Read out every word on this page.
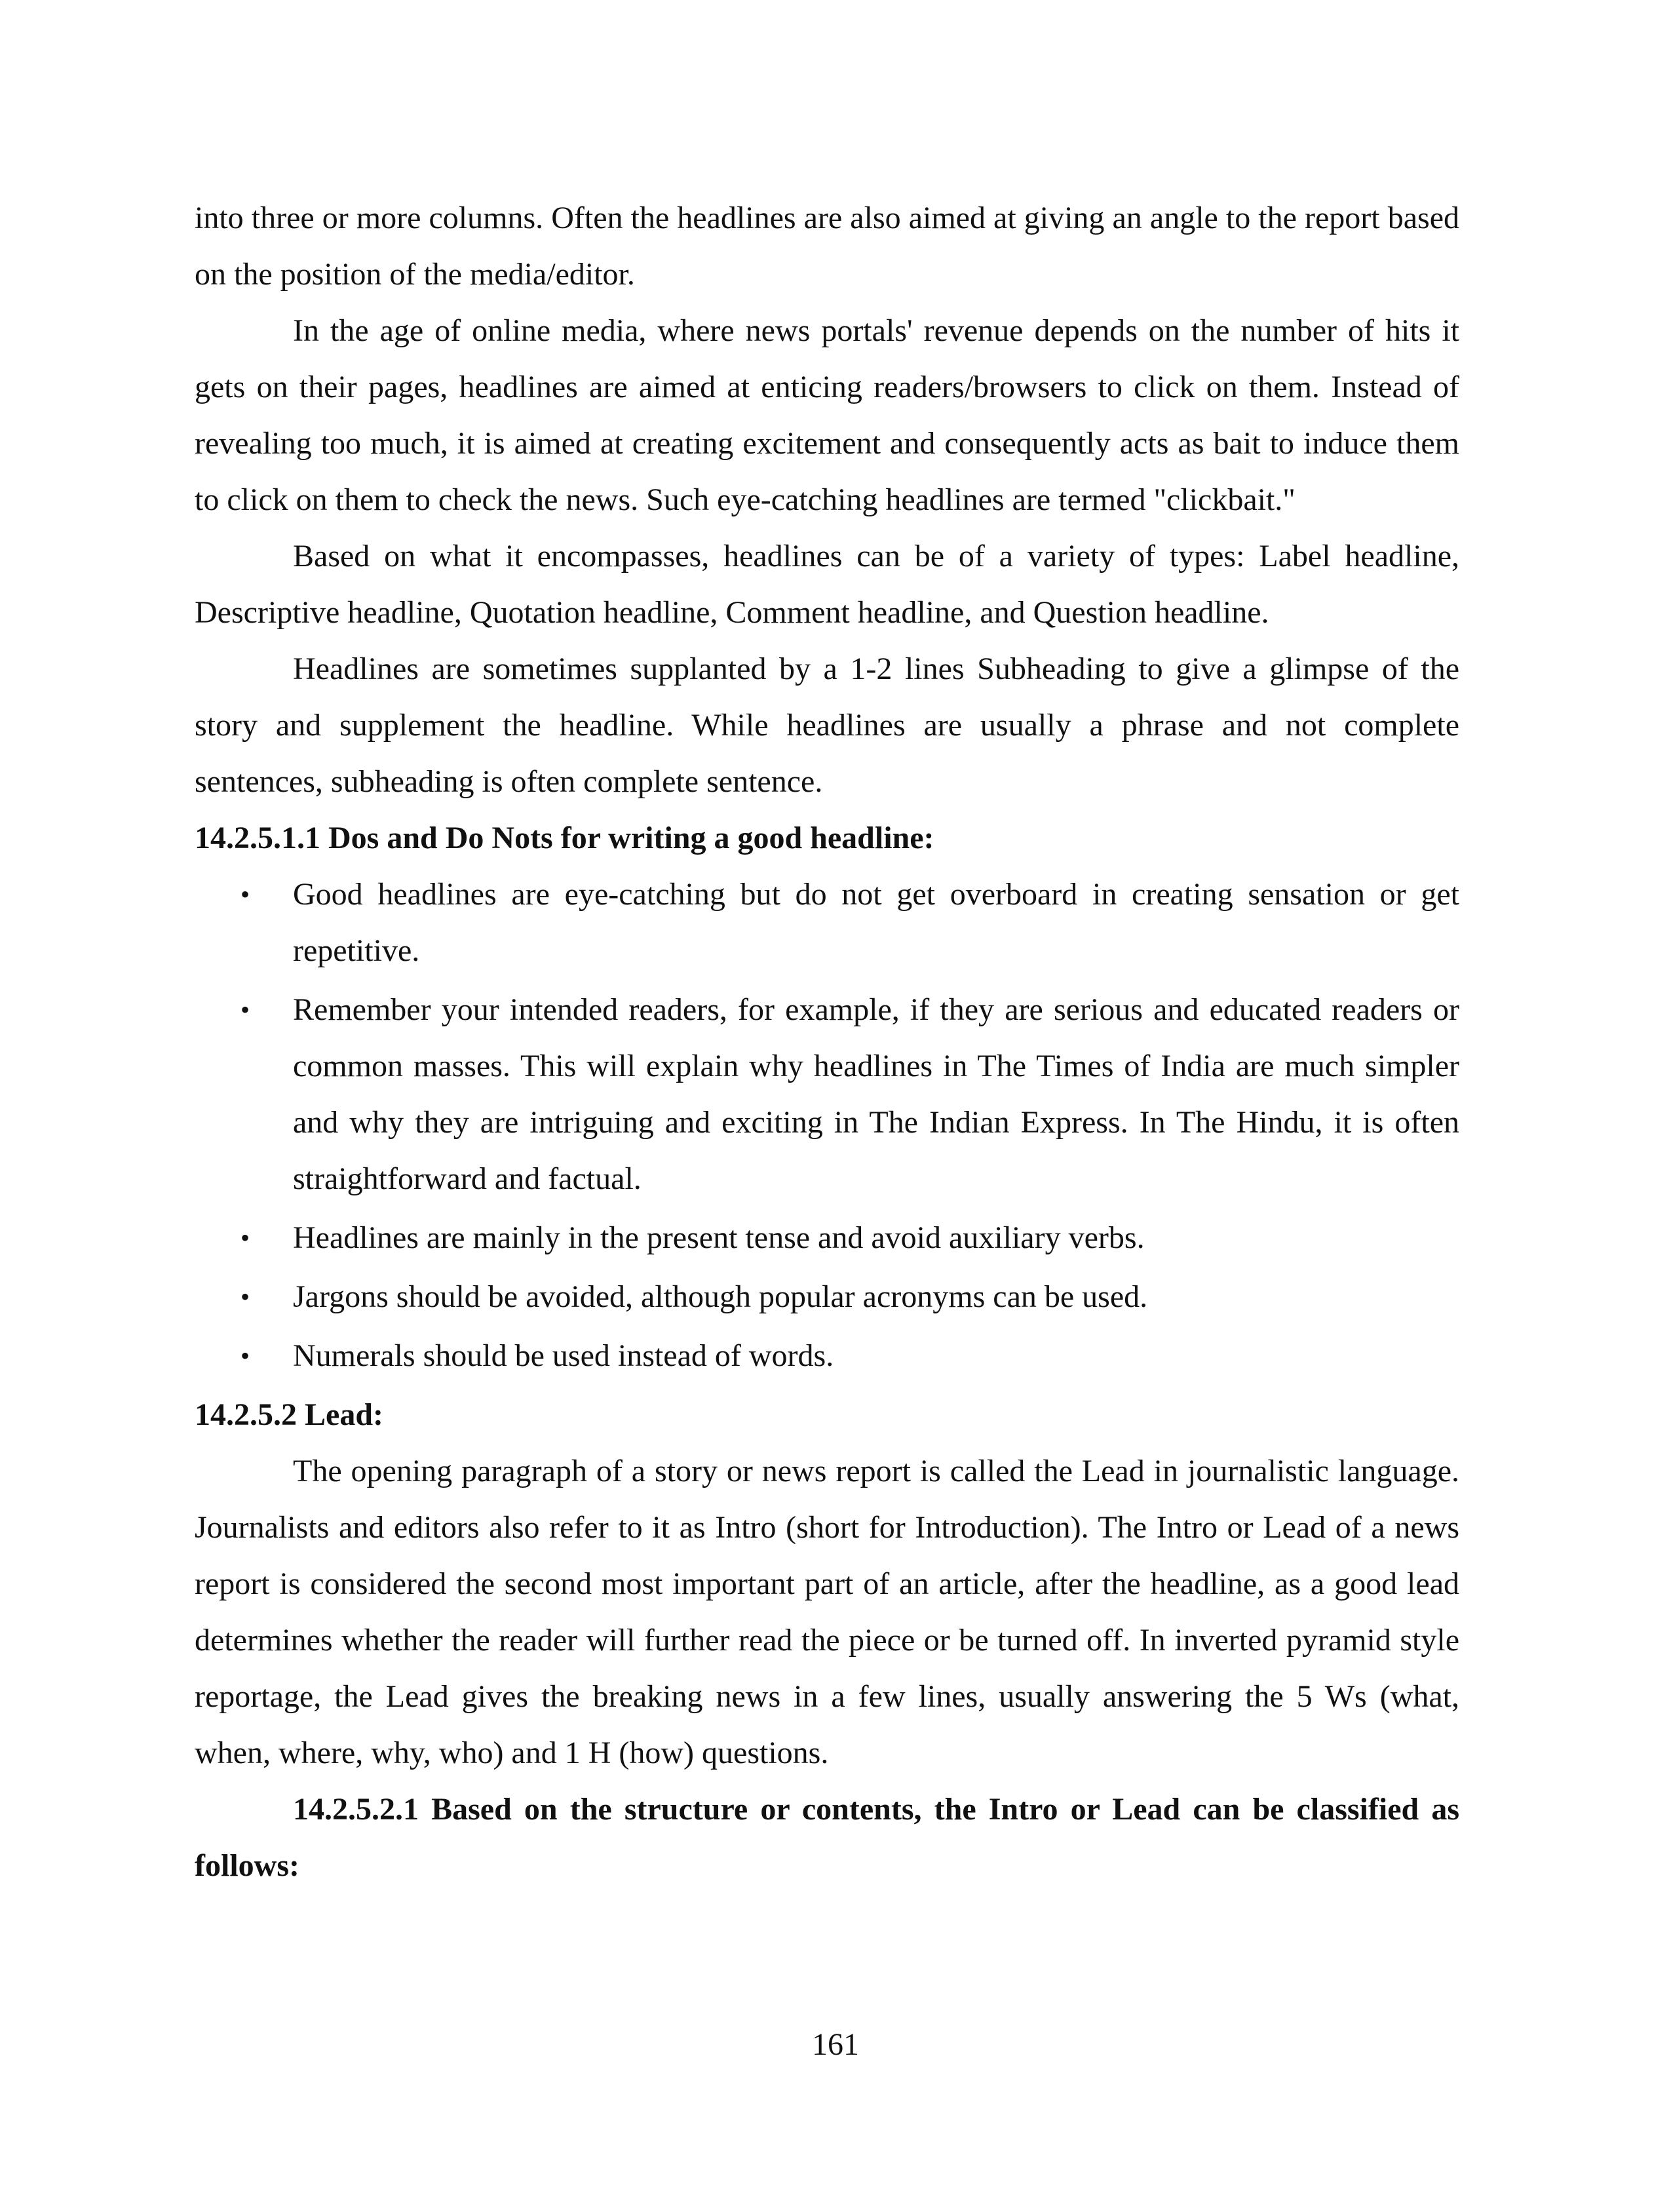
into three or more columns. Often the headlines are also aimed at giving an angle to the report based on the position of the media/editor.

In the age of online media, where news portals' revenue depends on the number of hits it gets on their pages, headlines are aimed at enticing readers/browsers to click on them. Instead of revealing too much, it is aimed at creating excitement and consequently acts as bait to induce them to click on them to check the news. Such eye-catching headlines are termed "clickbait."

Based on what it encompasses, headlines can be of a variety of types: Label headline, Descriptive headline, Quotation headline, Comment headline, and Question headline.

Headlines are sometimes supplanted by a 1-2 lines Subheading to give a glimpse of the story and supplement the headline. While headlines are usually a phrase and not complete sentences, subheading is often complete sentence.

14.2.5.1.1 Dos and Do Nots for writing a good headline:

• Good headlines are eye-catching but do not get overboard in creating sensation or get repetitive.
• Remember your intended readers, for example, if they are serious and educated readers or common masses. This will explain why headlines in The Times of India are much simpler and why they are intriguing and exciting in The Indian Express. In The Hindu, it is often straightforward and factual.
• Headlines are mainly in the present tense and avoid auxiliary verbs.
• Jargons should be avoided, although popular acronyms can be used.
• Numerals should be used instead of words.

14.2.5.2 Lead:

The opening paragraph of a story or news report is called the Lead in journalistic language. Journalists and editors also refer to it as Intro (short for Introduction). The Intro or Lead of a news report is considered the second most important part of an article, after the headline, as a good lead determines whether the reader will further read the piece or be turned off. In inverted pyramid style reportage, the Lead gives the breaking news in a few lines, usually answering the 5 Ws (what, when, where, why, who) and 1 H (how) questions.

14.2.5.2.1 Based on the structure or contents, the Intro or Lead can be classified as follows:

161
